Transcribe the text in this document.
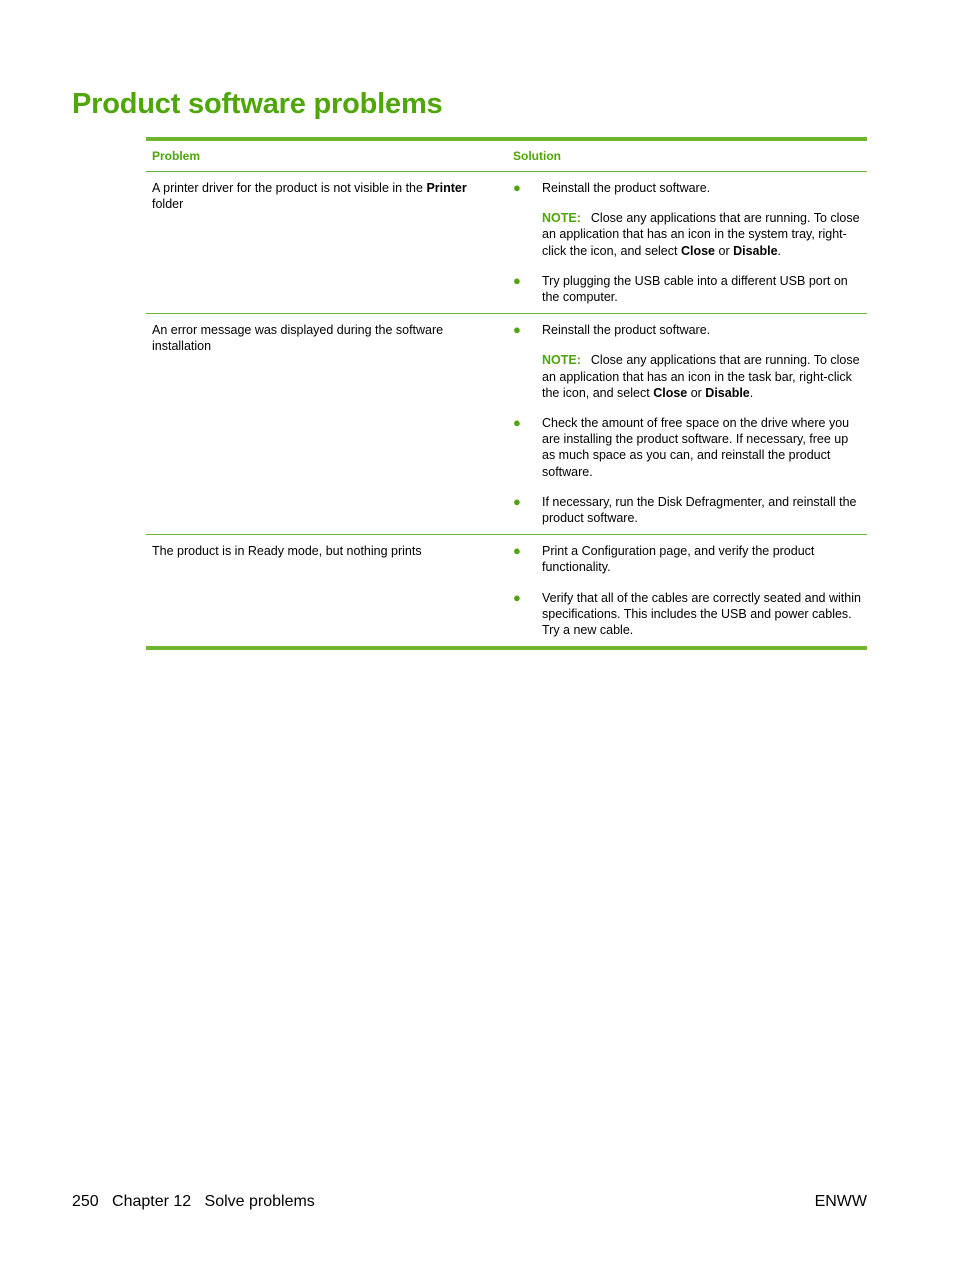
Product software problems
Problem	Solution
A printer driver for the product is not visible in the Printer folder
●	Reinstall the product software.
NOTE: Close any applications that are running. To close an application that has an icon in the system tray, right-click the icon, and select Close or Disable.
●	Try plugging the USB cable into a different USB port on the computer.
An error message was displayed during the software installation
●	Reinstall the product software.
NOTE: Close any applications that are running. To close an application that has an icon in the task bar, right-click the icon, and select Close or Disable.
●	Check the amount of free space on the drive where you are installing the product software. If necessary, free up as much space as you can, and reinstall the product software.
●	If necessary, run the Disk Defragmenter, and reinstall the product software.
The product is in Ready mode, but nothing prints	●	Print a Configuration page, and verify the product functionality.
●	Verify that all of the cables are correctly seated and within specifications. This includes the USB and power cables. Try a new cable.
250   Chapter 12   Solve problems	ENWW
